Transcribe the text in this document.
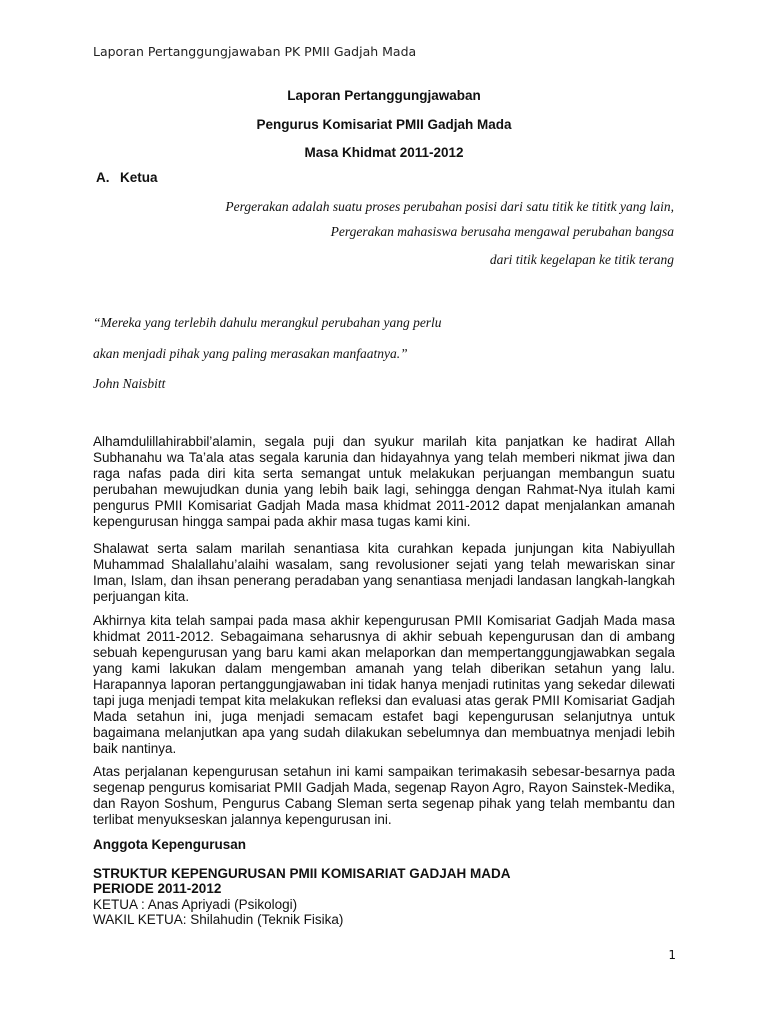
Laporan Pertanggungjawaban PK PMII Gadjah Mada
Laporan Pertanggungjawaban
Pengurus Komisariat PMII Gadjah Mada
Masa Khidmat 2011-2012
A. Ketua
Pergerakan adalah suatu proses perubahan posisi dari satu titik ke tititk yang lain,
Pergerakan mahasiswa berusaha mengawal perubahan bangsa
dari titik kegelapan ke titik terang
“Mereka yang terlebih dahulu merangkul perubahan yang perlu
akan menjadi pihak yang paling merasakan manfaatnya.”
John Naisbitt

Alhamdulillahirabbil’alamin, segala puji dan syukur marilah kita panjatkan ke hadirat Allah Subhanahu wa Ta’ala atas segala karunia dan hidayahnya yang telah memberi nikmat jiwa dan raga nafas pada diri kita serta semangat untuk melakukan perjuangan membangun suatu perubahan mewujudkan dunia yang lebih baik lagi, sehingga dengan Rahmat-Nya itulah kami pengurus PMII Komisariat Gadjah Mada masa khidmat 2011-2012 dapat menjalankan amanah kepengurusan hingga sampai pada akhir masa tugas kami kini.

Shalawat serta salam marilah senantiasa kita curahkan kepada junjungan kita Nabiyullah Muhammad Shalallahu’alaihi wasalam, sang revolusioner sejati yang telah mewariskan sinar Iman, Islam, dan ihsan penerang peradaban yang senantiasa menjadi landasan langkah-langkah perjuangan kita.

Akhirnya kita telah sampai pada masa akhir kepengurusan PMII Komisariat Gadjah Mada masa khidmat 2011-2012. Sebagaimana seharusnya di akhir sebuah kepengurusan dan di ambang sebuah kepengurusan yang baru kami akan melaporkan dan mempertanggungjawabkan segala yang kami lakukan dalam mengemban amanah yang telah diberikan setahun yang lalu. Harapannya laporan pertanggungjawaban ini tidak hanya menjadi rutinitas yang sekedar dilewati tapi juga menjadi tempat kita melakukan refleksi dan evaluasi atas gerak PMII Komisariat Gadjah Mada setahun ini, juga menjadi semacam estafet bagi kepengurusan selanjutnya untuk bagaimana melanjutkan apa yang sudah dilakukan sebelumnya dan membuatnya menjadi lebih baik nantinya.

Atas perjalanan kepengurusan setahun ini kami sampaikan terimakasih sebesar-besarnya pada segenap pengurus komisariat PMII Gadjah Mada, segenap Rayon Agro, Rayon Sainstek-Medika, dan Rayon Soshum, Pengurus Cabang Sleman serta segenap pihak yang telah membantu dan terlibat menyukseskan jalannya kepengurusan ini.

Anggota Kepengurusan
STRUKTUR KEPENGURUSAN PMII KOMISARIAT GADJAH MADA
PERIODE 2011-2012
KETUA : Anas Apriyadi (Psikologi)
WAKIL KETUA: Shilahudin (Teknik Fisika)
1
